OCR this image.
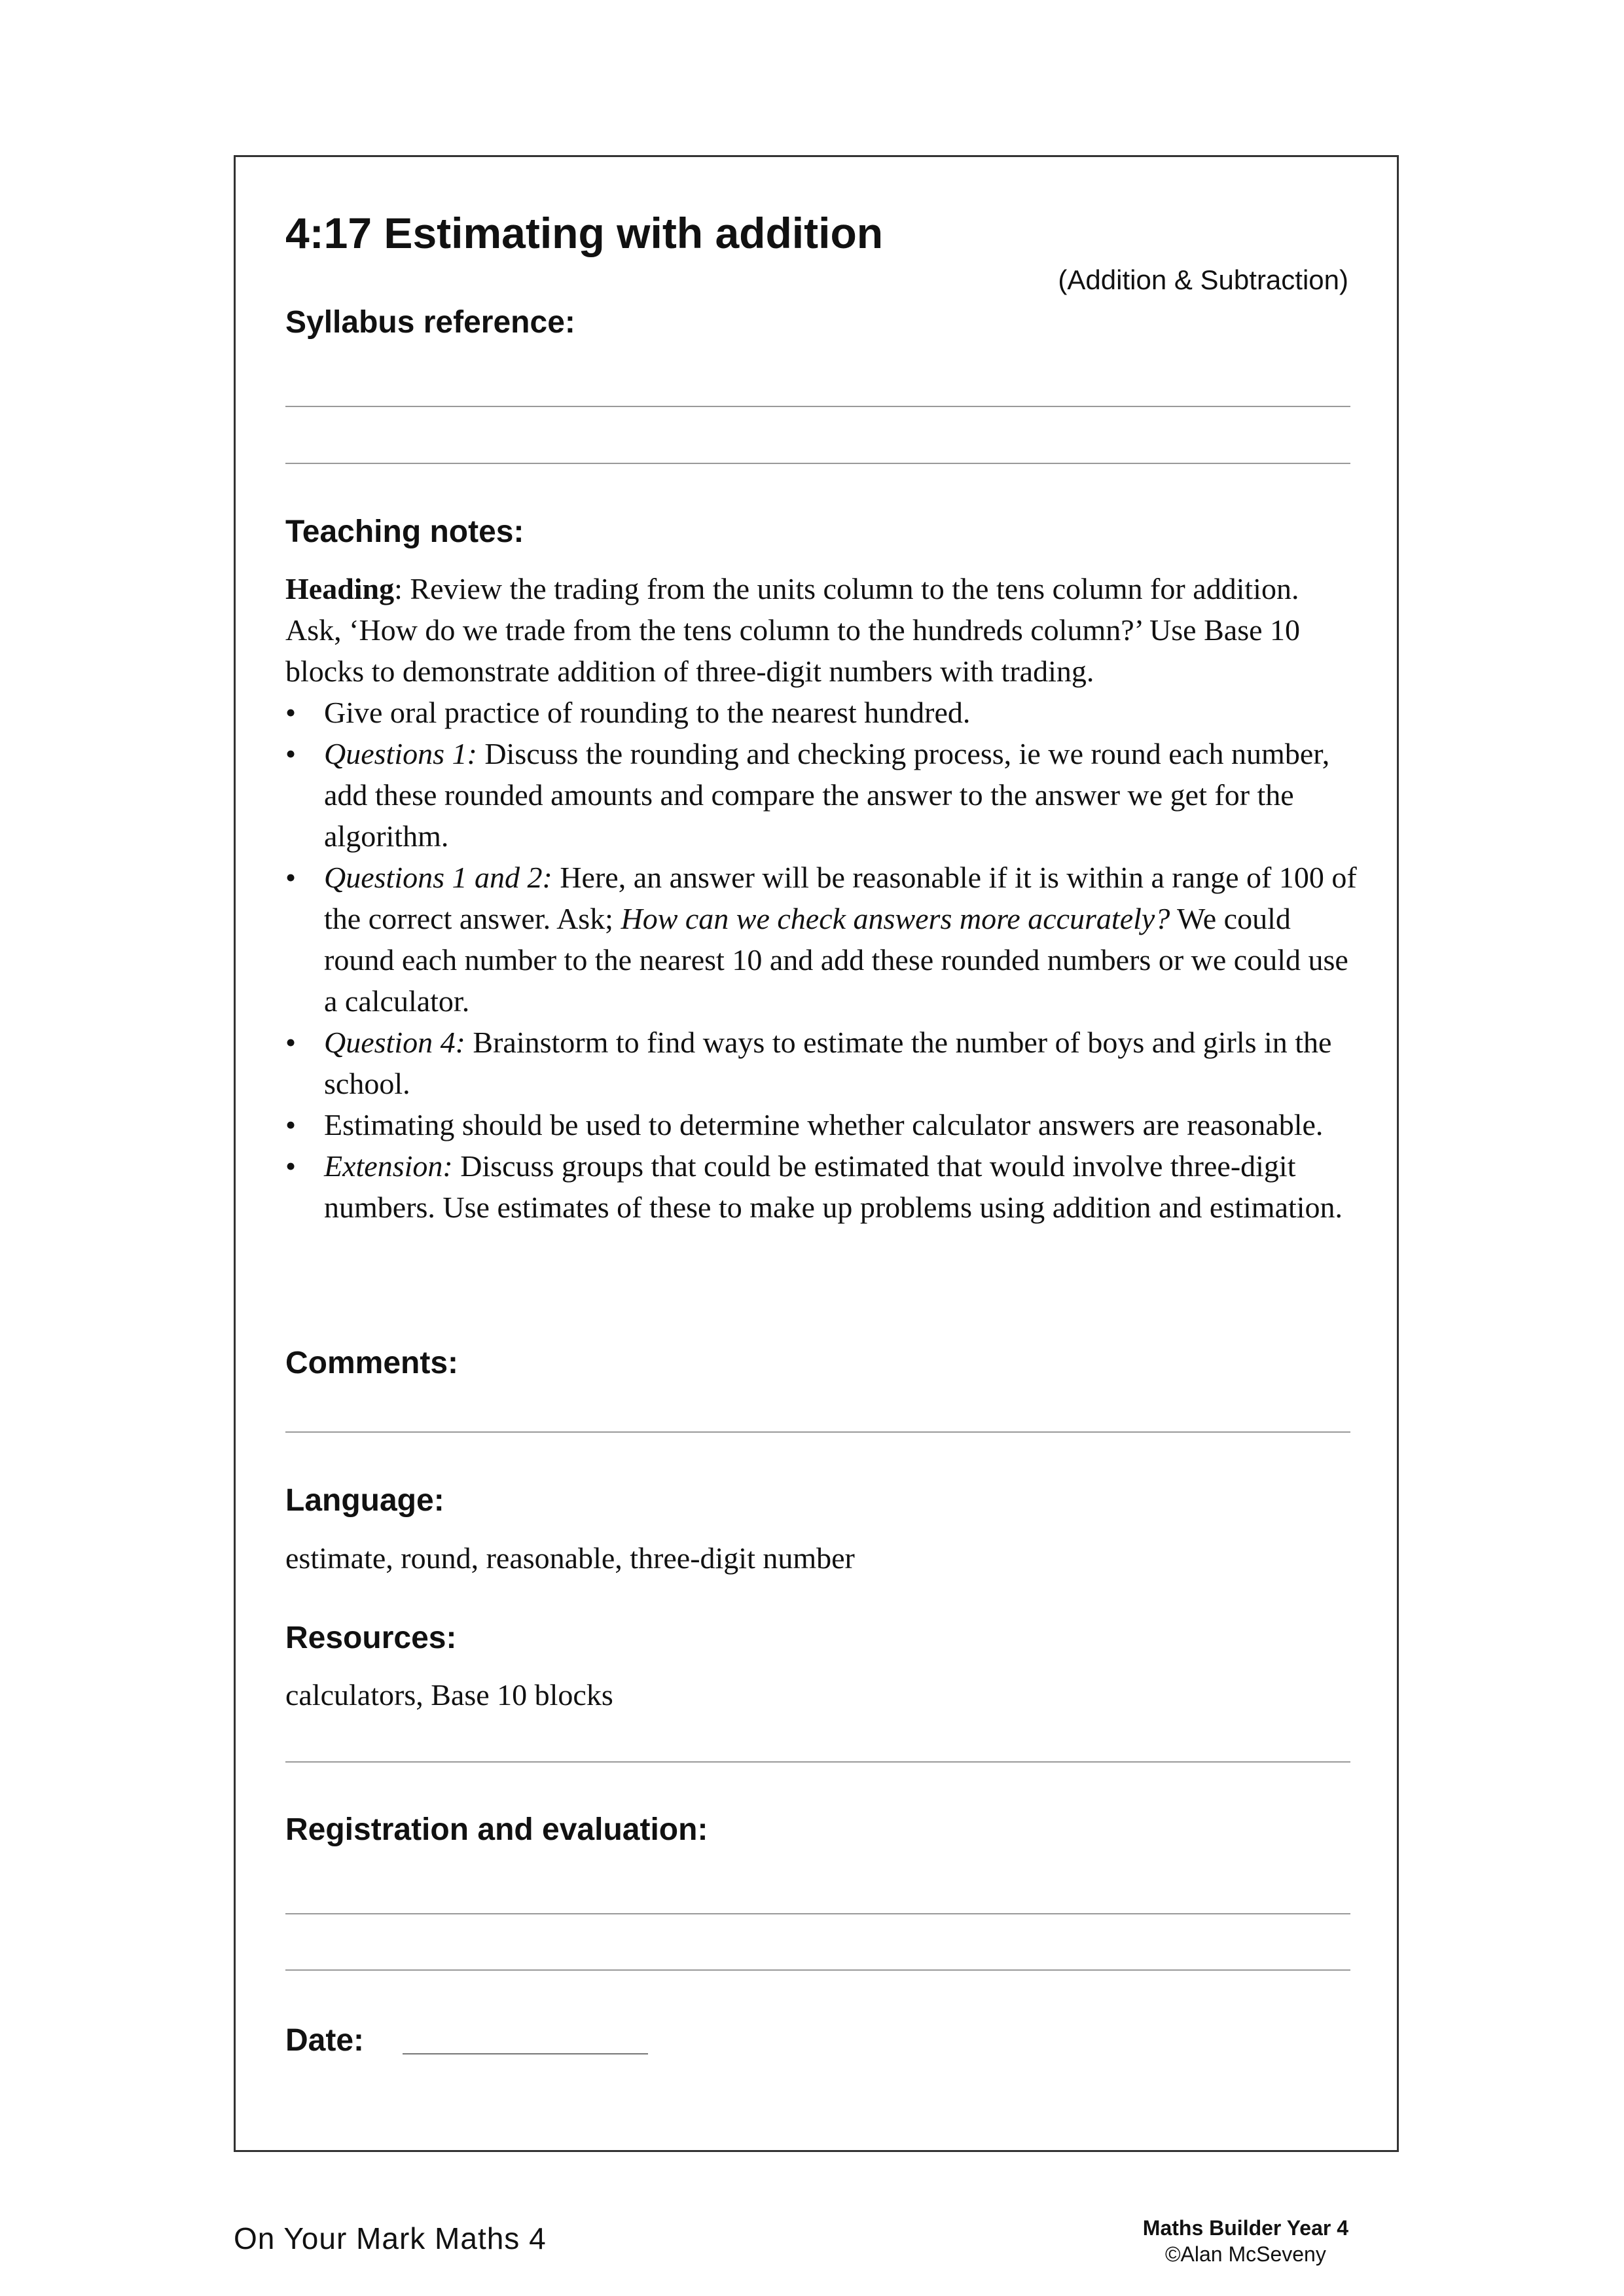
4:17 Estimating with addition
(Addition & Subtraction)
Syllabus reference:
Teaching notes:

Heading: Review the trading from the units column to the tens column for addition. Ask, ‘How do we trade from the tens column to the hundreds column?’ Use Base 10 blocks to demonstrate addition of three-digit numbers with trading.

• Give oral practice of rounding to the nearest hundred.
• Questions 1: Discuss the rounding and checking process, ie we round each number, add these rounded amounts and compare the answer to the answer we get for the algorithm.
• Questions 1 and 2: Here, an answer will be reasonable if it is within a range of 100 of the correct answer. Ask; How can we check answers more accurately? We could round each number to the nearest 10 and add these rounded numbers or we could use a calculator.
• Question 4: Brainstorm to find ways to estimate the number of boys and girls in the school.
• Estimating should be used to determine whether calculator answers are reasonable.
• Extension: Discuss groups that could be estimated that would involve three-digit numbers. Use estimates of these to make up problems using addition and estimation.
Comments:
Language:
estimate, round, reasonable, three-digit number
Resources:
calculators, Base 10 blocks
Registration and evaluation:
Date:
On Your Mark Maths 4	Maths Builder Year 4
©Alan McSeveny
